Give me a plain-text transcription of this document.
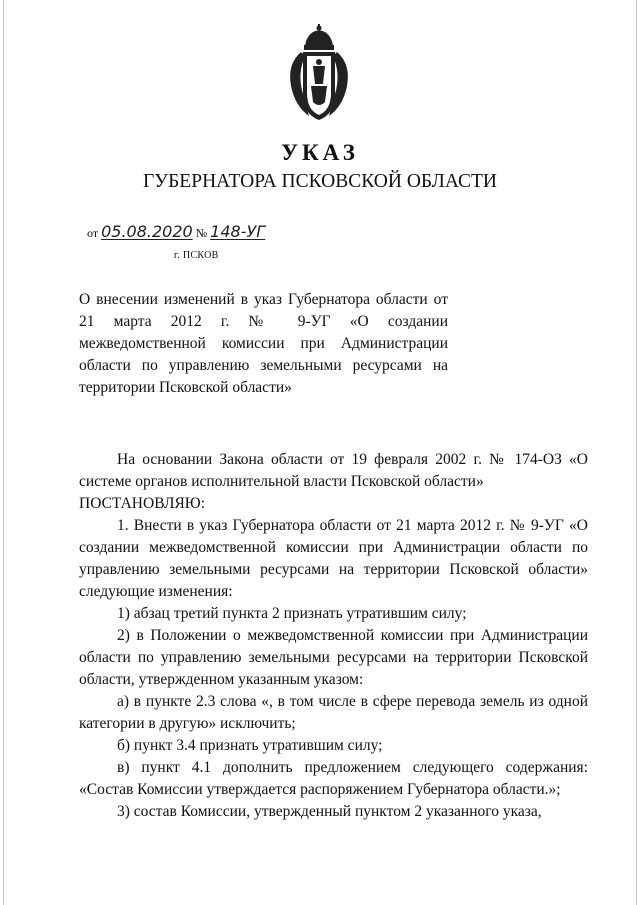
УКАЗ
ГУБЕРНАТОРА ПСКОВСКОЙ ОБЛАСТИ
от 05.08.2020 № 148-УГ
г. ПСКОВ
О внесении изменений в указ Губернатора области от 21 марта 2012 г. № 9-УГ «О создании межведомственной комиссии при Администрации области по управлению земельными ресурсами на территории Псковской области»

На основании Закона области от 19 февраля 2002 г. № 174-ОЗ «О системе органов исполнительной власти Псковской области»

ПОСТАНОВЛЯЮ:

1. Внести в указ Губернатора области от 21 марта 2012 г. № 9-УГ «О создании межведомственной комиссии при Администрации области по управлению земельными ресурсами на территории Псковской области» следующие изменения:

1) абзац третий пункта 2 признать утратившим силу;

2) в Положении о межведомственной комиссии при Администрации области по управлению земельными ресурсами на территории Псковской области, утвержденном указанным указом:

а) в пункте 2.3 слова «, в том числе в сфере перевода земель из одной категории в другую» исключить;

б) пункт 3.4 признать утратившим силу;

в) пункт 4.1 дополнить предложением следующего содержания: «Состав Комиссии утверждается распоряжением Губернатора области.»;

3) состав Комиссии, утвержденный пунктом 2 указанного указа,
